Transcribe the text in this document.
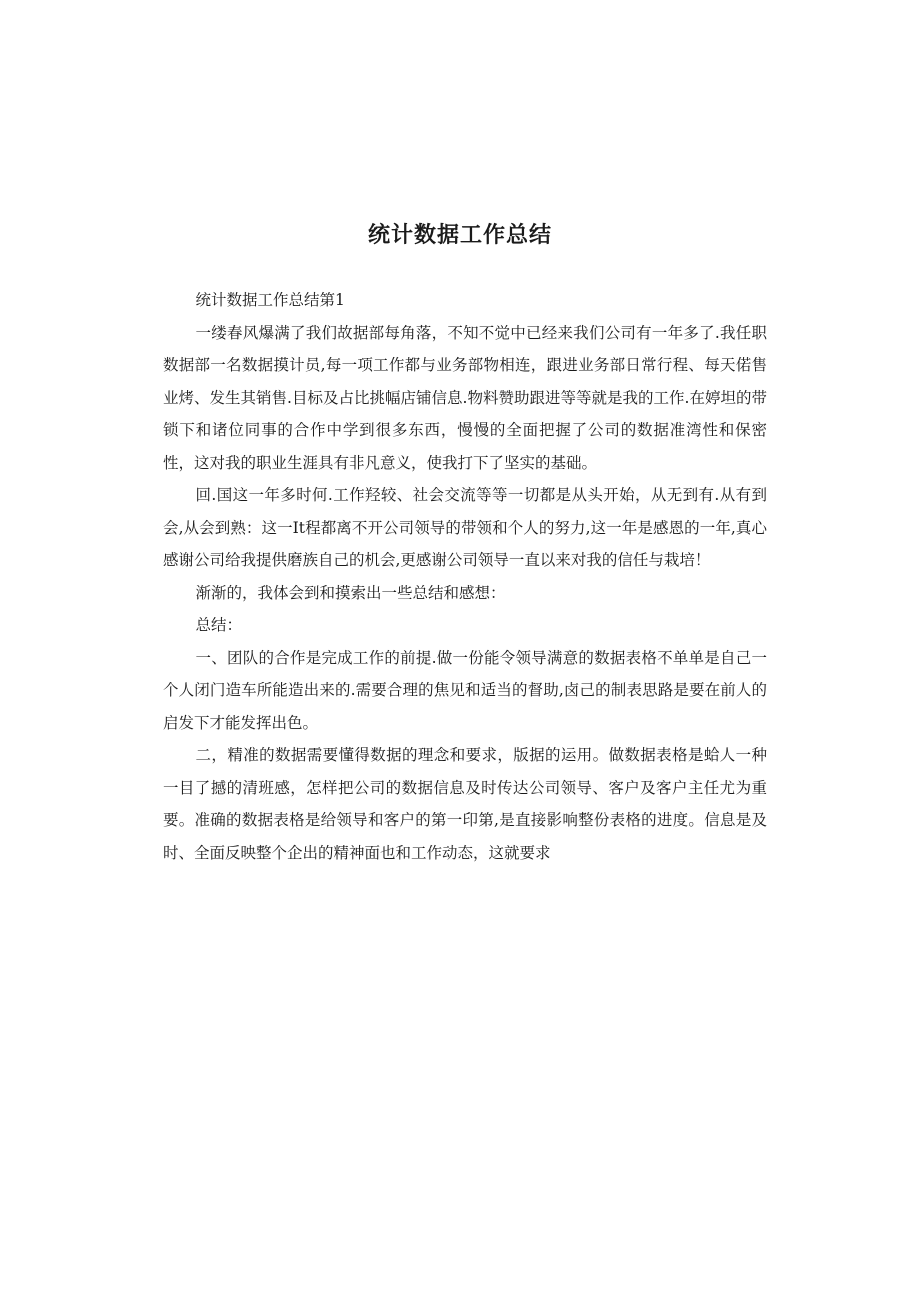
统计数据工作总结

统计数据工作总结第1

一缕春风爆满了我们故据部每角落，不知不觉中已经来我们公司有一年多了.我任职数据部一名数据摸计员,每一项工作都与业务部物相连，跟进业务部日常行程、每天偌售业烤、发生其销售.目标及占比挑幅店铺信息.物料赞助跟进等等就是我的工作.在婷坦的带锁下和诸位同事的合作中学到很多东西，慢慢的全面把握了公司的数据准湾性和保密性，这对我的职业生涯具有非凡意义，使我打下了坚实的基础。

回.国这一年多时何.工作羟较、社会交流等等一切都是从头开始，从无到有.从有到会,从会到熟：这一It程都离不开公司领导的带领和个人的努力,这一年是感恩的一年,真心感谢公司给我提供磨族自己的机会,更感谢公司领导一直以来对我的信任与栽培！

渐渐的，我体会到和摸索出一些总结和感想：

总结：

一、团队的合作是完成工作的前提.做一份能令领导满意的数据表格不单单是自己一个人闭门造车所能造出来的.需要合理的焦见和适当的督助,卤己的制表思路是要在前人的启发下才能发挥出色。

二，精准的数据需要懂得数据的理念和要求，版据的运用。做数据表格是蛤人一种一目了撼的清班感，怎样把公司的数据信息及时传达公司领导、客户及客户主任尤为重要。准确的数据表格是给领导和客户的第一印第,是直接影响整份表格的进度。信息是及时、全面反映整个企出的精神面也和工作动态，这就要求
